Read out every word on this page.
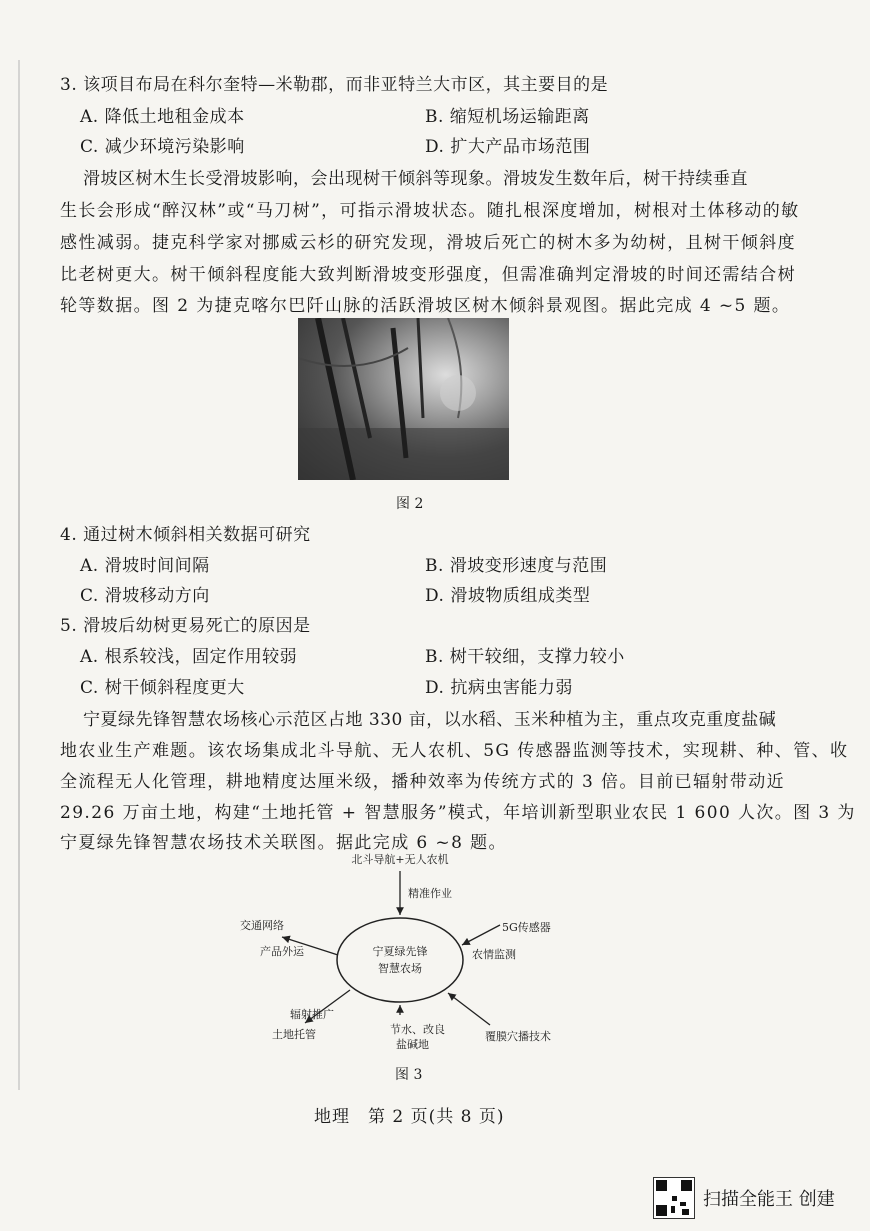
3. 该项目布局在科尔奎特—米勒郡，而非亚特兰大市区，其主要目的是
A. 降低土地租金成本	B. 缩短机场运输距离
C. 减少环境污染影响	D. 扩大产品市场范围
滑坡区树木生长受滑坡影响，会出现树干倾斜等现象。滑坡发生数年后，树干持续垂直
生长会形成“醉汉林”或“马刀树”，可指示滑坡状态。随扎根深度增加，树根对土体移动的敏
感性减弱。捷克科学家对挪威云杉的研究发现，滑坡后死亡的树木多为幼树，且树干倾斜度
比老树更大。树干倾斜程度能大致判断滑坡变形强度，但需准确判定滑坡的时间还需结合树
轮等数据。图 2 为捷克喀尔巴阡山脉的活跃滑坡区树木倾斜景观图。据此完成 4 ~5 题。
图 2
4. 通过树木倾斜相关数据可研究
A. 滑坡时间间隔	B. 滑坡变形速度与范围
C. 滑坡移动方向	D. 滑坡物质组成类型
5. 滑坡后幼树更易死亡的原因是
A. 根系较浅，固定作用较弱	B. 树干较细，支撑力较小
C. 树干倾斜程度更大	D. 抗病虫害能力弱
宁夏绿先锋智慧农场核心示范区占地 330 亩，以水稻、玉米种植为主，重点攻克重度盐碱
地农业生产难题。该农场集成北斗导航、无人农机、5G 传感器监测等技术，实现耕、种、管、收
全流程无人化管理，耕地精度达厘米级，播种效率为传统方式的 3 倍。目前已辐射带动近
29.26 万亩土地，构建“土地托管 + 智慧服务”模式，年培训新型职业农民 1 600 人次。图 3 为
宁夏绿先锋智慧农场技术关联图。据此完成 6 ~8 题。
宁夏绿先锋
智慧农场
北斗导航+无人农机
精准作业
交通网络
产品外运
5G传感器
农情监测
辐射推广
土地托管	节水、改良
盐碱地
覆膜穴播技术
图 3
地理　第 2 页(共 8 页)
扫描全能王 创建
